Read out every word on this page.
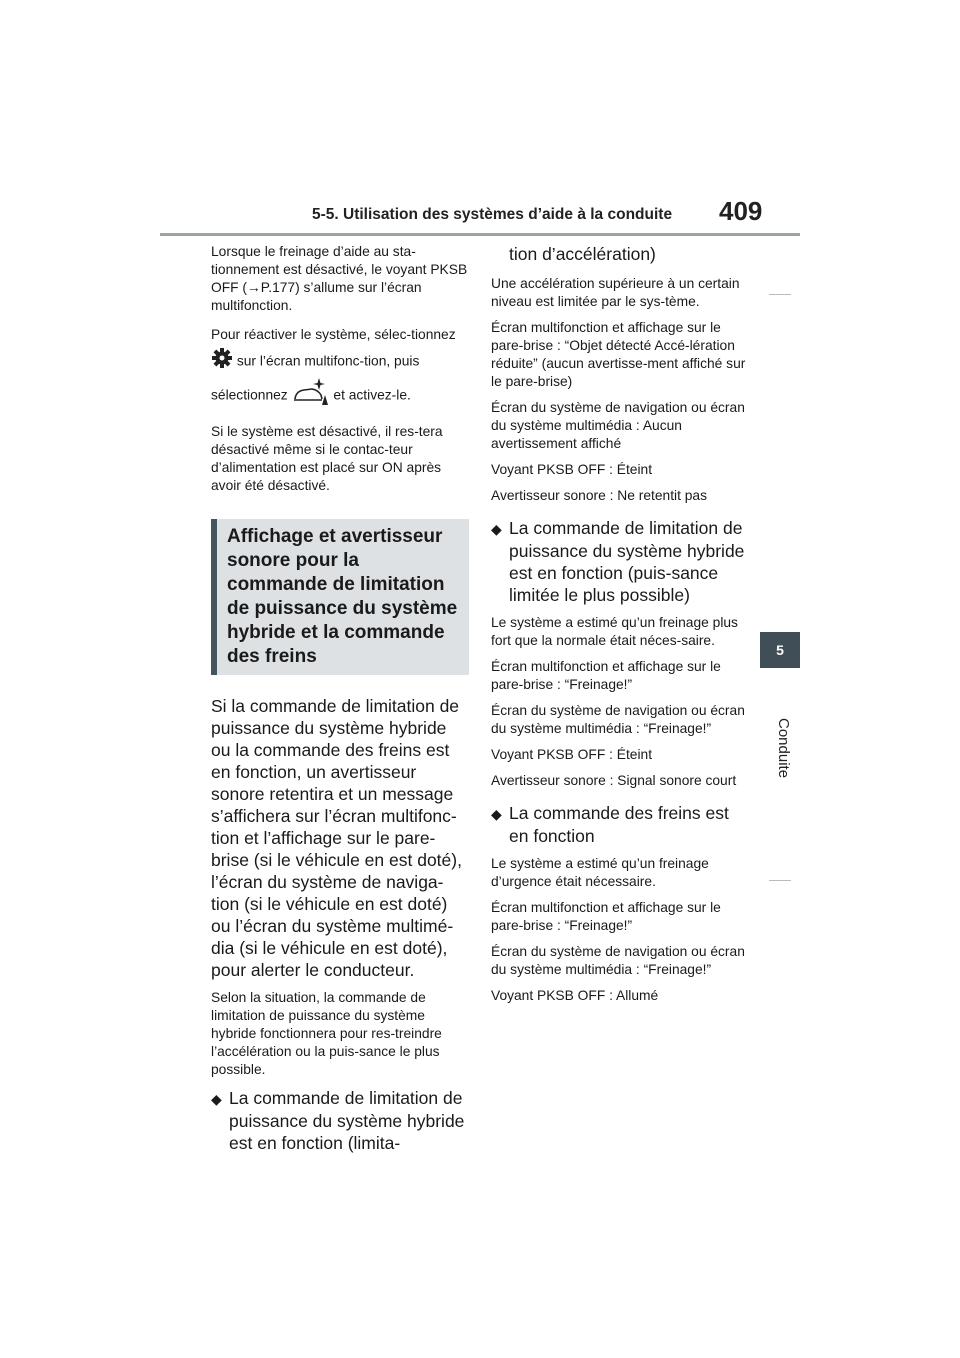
5-5. Utilisation des systèmes d’aide à la conduite 409
5
Conduite

Lorsque le freinage d’aide au sta-tionnement est désactivé, le voyant PKSB OFF (→P.177) s’allume sur l’écran multifonction.

Pour réactiver le système, sélec-tionnez  sur l’écran multifonc-tion, puis sélectionnez	et activez-le.

Si le système est désactivé, il res-tera désactivé même si le contac-teur d’alimentation est placé sur ON après avoir été désactivé.

Affichage et avertisseur sonore pour la commande de limitation de puissance du système hybride et la commande des freins

Si la commande de limitation de puissance du système hybride ou la commande des freins est en fonction, un avertisseur sonore retentira et un message s’affichera sur l’écran multifonc-tion et l’affichage sur le pare-brise (si le véhicule en est doté), l’écran du système de naviga-tion (si le véhicule en est doté) ou l’écran du système multimé-dia (si le véhicule en est doté), pour alerter le conducteur.

Selon la situation, la commande de limitation de puissance du système hybride fonctionnera pour res-treindre l’accélération ou la puis-sance le plus possible.

◆ La commande de limitation de puissance du système hybride est en fonction (limita-

tion d’accélération)

Une accélération supérieure à un certain niveau est limitée par le sys-tème.

Écran multifonction et affichage sur le pare-brise : “Objet détecté Accé-lération réduite” (aucun avertisse-ment affiché sur le pare-brise)

Écran du système de navigation ou écran du système multimédia : Aucun avertissement affiché

Voyant PKSB OFF : Éteint

Avertisseur sonore : Ne retentit pas

◆ La commande de limitation de puissance du système hybride est en fonction (puis-sance limitée le plus possible)

Le système a estimé qu’un freinage plus fort que la normale était néces-saire.

Écran multifonction et affichage sur le pare-brise : “Freinage!”

Écran du système de navigation ou écran du système multimédia : “Freinage!”

Voyant PKSB OFF : Éteint

Avertisseur sonore : Signal sonore court

◆ La commande des freins est en fonction

Le système a estimé qu’un freinage d’urgence était nécessaire.

Écran multifonction et affichage sur le pare-brise : “Freinage!”

Écran du système de navigation ou écran du système multimédia : “Freinage!”

Voyant PKSB OFF : Allumé
